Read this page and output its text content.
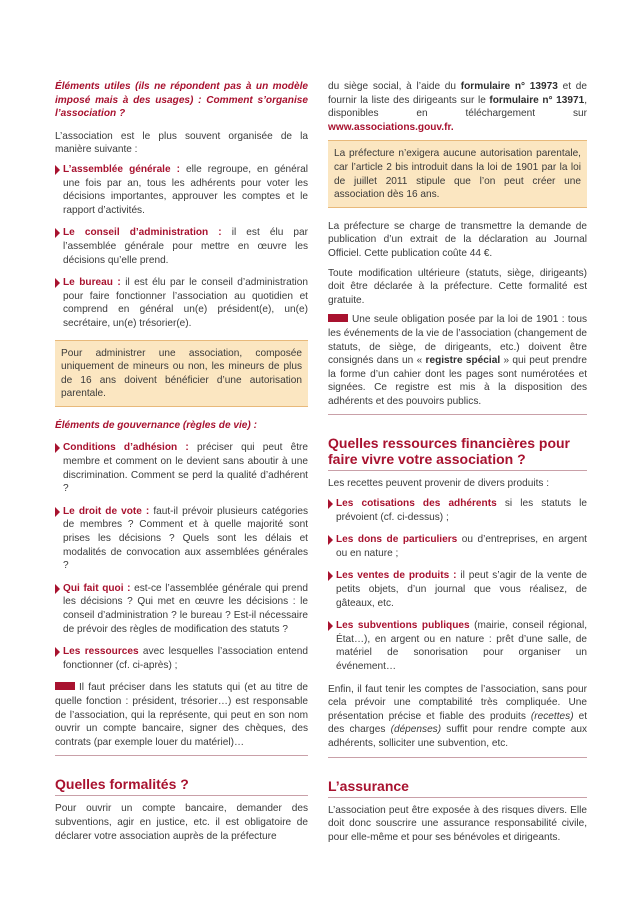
Éléments utiles (ils ne répondent pas à un modèle imposé mais à des usages) : Comment s’organise l’association ?

L’association est le plus souvent organisée de la manière suivante :

L’assemblée générale : elle regroupe, en général une fois par an, tous les adhérents pour voter les décisions importantes, approuver les comptes et le rapport d’activités.
Le conseil d’administration : il est élu par l’assemblée générale pour mettre en œuvre les décisions qu’elle prend.
Le bureau : il est élu par le conseil d’administration pour faire fonctionner l’association au quotidien et comprend en général un(e) président(e), un(e) secrétaire, un(e) trésorier(e).
Pour administrer une association, composée uniquement de mineurs ou non, les mineurs de plus de 16 ans doivent bénéficier d’une autorisation parentale.

Éléments de gouvernance (règles de vie) :

Conditions d’adhésion : préciser qui peut être membre et comment on le devient sans aboutir à une discrimination. Comment se perd la qualité d’adhérent ?
Le droit de vote : faut-il prévoir plusieurs catégories de membres ? Comment et à quelle majorité sont prises les décisions ? Quels sont les délais et modalités de convocation aux assemblées générales ?
Qui fait quoi : est-ce l’assemblée générale qui prend les décisions ? Qui met en œuvre les décisions : le conseil d’administration ? le bureau ? Est-il nécessaire de prévoir des règles de modification des statuts ?
Les ressources avec lesquelles l’association entend fonctionner (cf. ci-après) ;

Il faut préciser dans les statuts qui (et au titre de quelle fonction : président, trésorier…) est responsable de l’association, qui la représente, qui peut en son nom ouvrir un compte bancaire, signer des chèques, des contrats (par exemple louer du matériel)…

Quelles formalités ?

Pour ouvrir un compte bancaire, demander des subventions, agir en justice, etc. il est obligatoire de déclarer votre association auprès de la préfecture

du siège social, à l’aide du formulaire n° 13973 et de fournir la liste des dirigeants sur le formulaire n° 13971, disponibles en téléchargement sur www.associations.gouv.fr.

La préfecture n’exigera aucune autorisation parentale, car l’article 2 bis introduit dans la loi de 1901 par la loi de juillet 2011 stipule que l’on peut créer une association dès 16 ans.

La préfecture se charge de transmettre la demande de publication d’un extrait de la déclaration au Journal Officiel. Cette publication coûte 44 €.

Toute modification ultérieure (statuts, siège, dirigeants) doit être déclarée à la préfecture. Cette formalité est gratuite.

Une seule obligation posée par la loi de 1901 : tous les événements de la vie de l’association (changement de statuts, de siège, de dirigeants, etc.) doivent être consignés dans un « registre spécial » qui peut prendre la forme d’un cahier dont les pages sont numérotées et signées. Ce registre est mis à la disposition des adhérents et des pouvoirs publics.

Quelles ressources financières pour faire vivre votre association ?

Les recettes peuvent provenir de divers produits :

Les cotisations des adhérents si les statuts le prévoient (cf. ci-dessus) ;
Les dons de particuliers ou d’entreprises, en argent ou en nature ;
Les ventes de produits : il peut s’agir de la vente de petits objets, d’un journal que vous réalisez, de gâteaux, etc.
Les subventions publiques (mairie, conseil régional, État…), en argent ou en nature : prêt d’une salle, de matériel de sonorisation pour organiser un événement…

Enfin, il faut tenir les comptes de l’association, sans pour cela prévoir une comptabilité très compliquée. Une présentation précise et fiable des produits (recettes) et des charges (dépenses) suffit pour rendre compte aux adhérents, solliciter une subvention, etc.

L’assurance

L’association peut être exposée à des risques divers. Elle doit donc souscrire une assurance responsabilité civile, pour elle-même et pour ses bénévoles et dirigeants.
